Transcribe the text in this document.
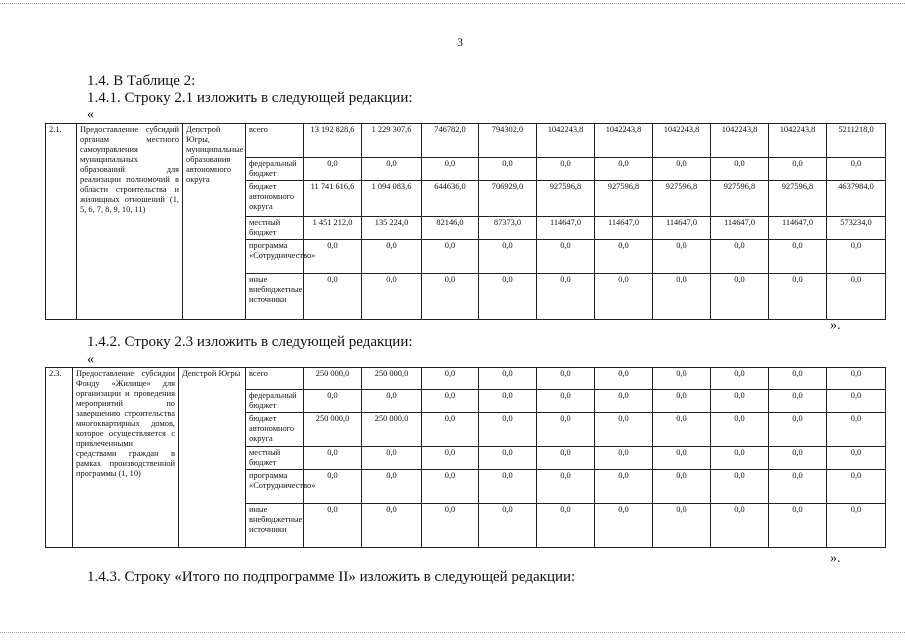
3
1.4. В Таблице 2:
1.4.1. Строку 2.1 изложить в следующей редакции:
«
2.1.	Предоставление субсидий органам местного самоуправления муниципальных образований для реализации полномочий в области строительства и жилищных отношений (1, 5, 6, 7, 8, 9, 10, 11)	Депстрой Югры, муниципальные образования автономного округа	всего	13 192 828,6	1 229 307,6	746782,0	794302,0	1042243,8	1042243,8	1042243,8	1042243,8	1042243,8	5211218,0
			федеральный бюджет	0,0	0,0	0,0	0,0	0,0	0,0	0,0	0,0	0,0	0,0
			бюджет автономного округа	11 741 616,6	1 094 083,6	644636,0	706929,0	927596,8	927596,8	927596,8	927596,8	927596,8	4637984,0
			местный бюджет	1 451 212,0	135 224,0	82146,0	87373,0	114647,0	114647,0	114647,0	114647,0	114647,0	573234,0
			программа «Сотрудничество»	0,0	0,0	0,0	0,0	0,0	0,0	0,0	0,0	0,0	0,0
			иные внебюджетные источники	0,0	0,0	0,0	0,0	0,0	0,0	0,0	0,0	0,0	0,0
».
1.4.2. Строку 2.3 изложить в следующей редакции:
«
2.3.	Предоставление субсидии Фонду «Жилище» для организации и проведения мероприятий по завершению строительства многоквартирных домов, которое осуществляется с привлеченными средствами граждан в рамках производственной программы (1, 10)	Депстрой Югры	всего	250 000,0	250 000,0	0,0	0,0	0,0	0,0	0,0	0,0	0,0	0,0
			федеральный бюджет	0,0	0,0	0,0	0,0	0,0	0,0	0,0	0,0	0,0	0,0
			бюджет автономного округа	250 000,0	250 000,0	0,0	0,0	0,0	0,0	0,0	0,0	0,0	0,0
			местный бюджет	0,0	0,0	0,0	0,0	0,0	0,0	0,0	0,0	0,0	0,0
			программа «Сотрудничество»	0,0	0,0	0,0	0,0	0,0	0,0	0,0	0,0	0,0	0,0
			иные внебюджетные источники	0,0	0,0	0,0	0,0	0,0	0,0	0,0	0,0	0,0	0,0
».
1.4.3. Строку «Итого по подпрограмме II» изложить в следующей редакции:
